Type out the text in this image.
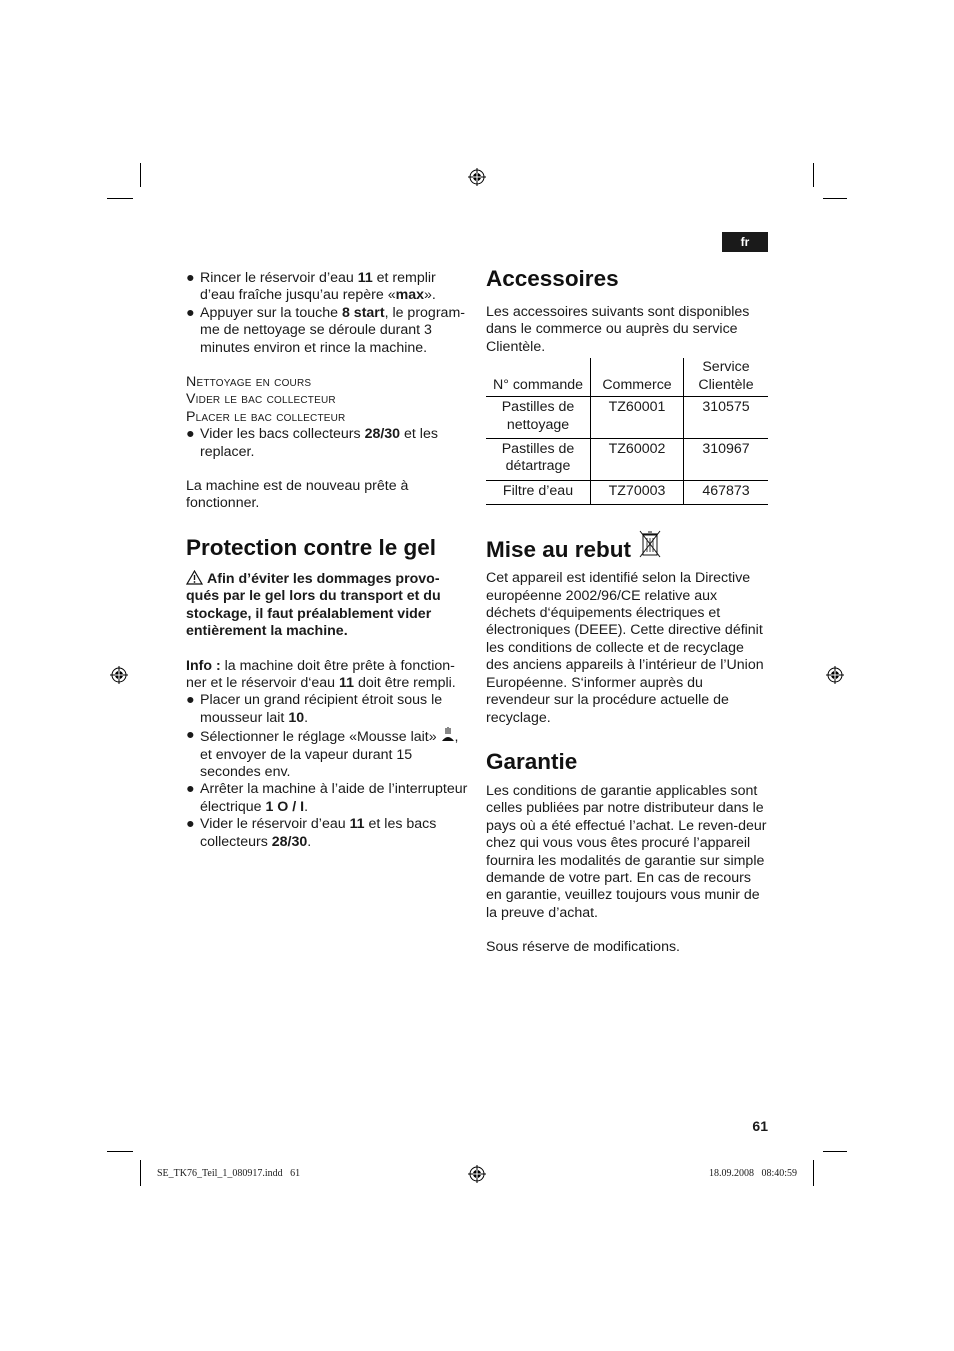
fr
● Rincer le réservoir d’eau 11 et remplir d’eau fraîche jusqu’au repère «max».
● Appuyer sur la touche 8 start, le program-me de nettoyage se déroule durant 3 minutes environ et rince la machine.
Nettoyage en cours
Vider le bac collecteur
Placer le bac collecteur
● Vider les bacs collecteurs 28/30 et les replacer.

La machine est de nouveau prête à fonctionner.

Protection contre le gel

Afin d’éviter les dommages provo-qués par le gel lors du transport et du stockage, il faut préalablement vider entièrement la machine.

Info : la machine doit être prête à fonction-ner et le réservoir d‘eau 11 doit être rempli.

● Placer un grand récipient étroit sous le mousseur lait 10.
● Sélectionner le réglage «Mousse lait» , et envoyer de la vapeur durant 15 secondes env.
● Arrêter la machine à l’aide de l’interrupteur électrique 1 O / I.
● Vider le réservoir d’eau 11 et les bacs collecteurs 28/30.
Accessoires

Les accessoires suivants sont disponibles dans le commerce ou auprès du service Clientèle.

N° commande	Commerce	Service Clientèle
Pastilles de nettoyage	TZ60001	310575
Pastilles de détartrage	TZ60002	310967
Filtre d’eau	TZ70003	467873
Mise au rebut

Cet appareil est identifié selon la Directive européenne 2002/96/CE relative aux déchets d‘équipements électriques et électroniques (DEEE). Cette directive définit les conditions de collecte et de recyclage des anciens appareils à l’intérieur de l’Union Européenne. S‘informer auprès du revendeur sur la procédure actuelle de recyclage.

Garantie

Les conditions de garantie applicables sont celles publiées par notre distributeur dans le pays où a été effectué l’achat. Le reven-deur chez qui vous vous êtes procuré l’appareil fournira les modalités de garantie sur simple demande de votre part. En cas de recours en garantie, veuillez toujours vous munir de la preuve d’achat.

Sous réserve de modifications.

61
SE_TK76_Teil_1_080917.indd   61	18.09.2008   08:40:59
